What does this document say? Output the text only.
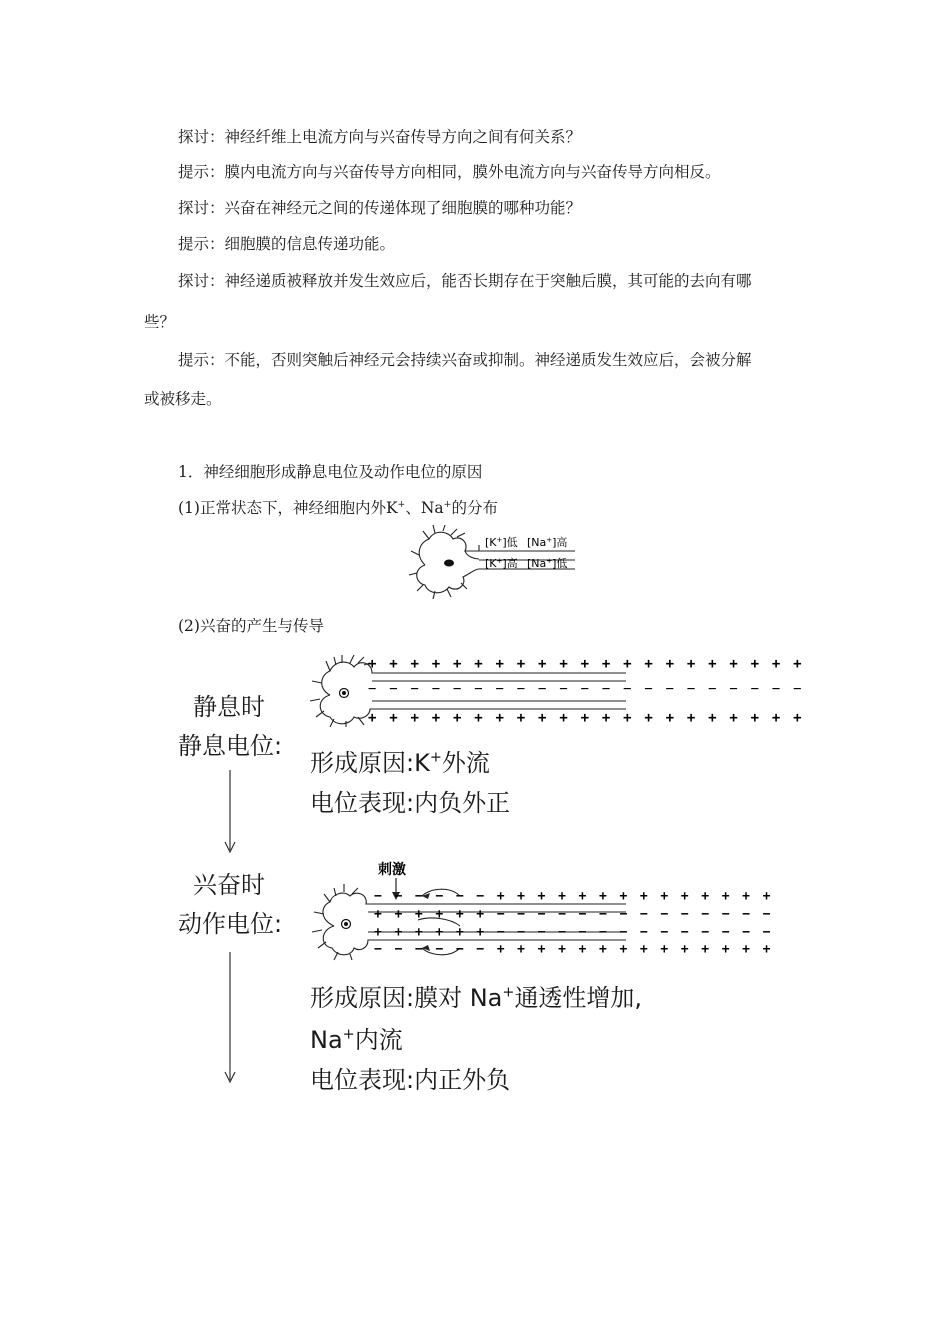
探讨：神经纤维上电流方向与兴奋传导方向之间有何关系？
提示：膜内电流方向与兴奋传导方向相同，膜外电流方向与兴奋传导方向相反。
探讨：兴奋在神经元之间的传递体现了细胞膜的哪种功能？
提示：细胞膜的信息传递功能。
探讨：神经递质被释放并发生效应后，能否长期存在于突触后膜，其可能的去向有哪
些？
提示：不能，否则突触后神经元会持续兴奋或抑制。神经递质发生效应后，会被分解
或被移走。
1．神经细胞形成静息电位及动作电位的原因
(1)正常状态下，神经细胞内外K+、Na+的分布
[K+]低 [Na+]高
[K+]高 [Na+]低
(2)兴奋的产生与传导
静息时
静息电位:
+ + + + + + + + + + + + + + + + + + + + +
− − − − − − − − − − − − − − − − − − − − −
+ + + + + + + + + + + + + + + + + + + + +
形成原因:K+外流
电位表现:内负外正
兴奋时
动作电位:
刺激
− − − − − − + + + + + + + + + + + + + +
+ + + + + + − − − − − − − − − − − − − −
+ + + + + + − − − − − − − − − − − − − −
− − − − − − + + + + + + + + + + + + + +
形成原因:膜对 Na+通透性增加,
Na+内流
电位表现:内正外负
